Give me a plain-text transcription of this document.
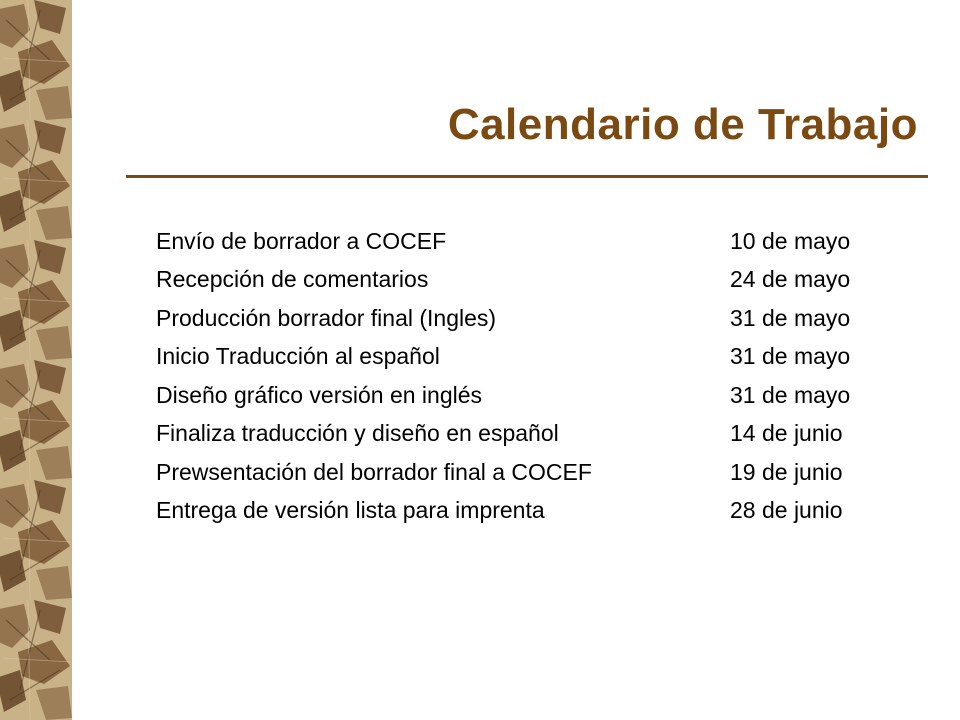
Calendario de Trabajo
Envío de borrador a COCEF	10 de mayo
Recepción de comentarios	24 de mayo
Producción borrador final (Ingles)	31 de mayo
Inicio Traducción al español	31 de mayo
Diseño gráfico versión en inglés	31 de mayo
Finaliza traducción y diseño en español	14 de junio
Prewsentación del borrador final a COCEF	19 de junio
Entrega de versión lista para imprenta	28 de junio
